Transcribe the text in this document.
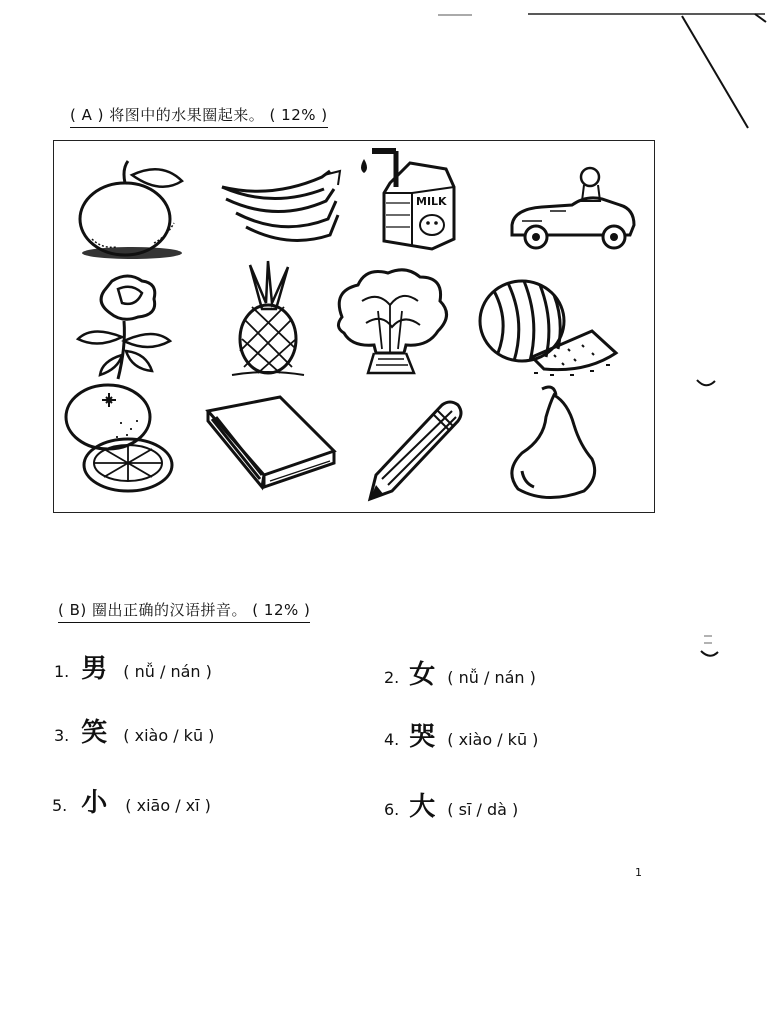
( A ) 将图中的水果圈起来。 ( 12% )
MILK
( B) 圈出正确的汉语拼音。 ( 12% )
1. 男 ( nǚ / nán )	2. 女 ( nǚ / nán )
3. 笑 ( xiào / kū )	4. 哭 ( xiào / kū )
5. 小 ( xiāo / xī )	6. 大 ( sī / dà )
1
